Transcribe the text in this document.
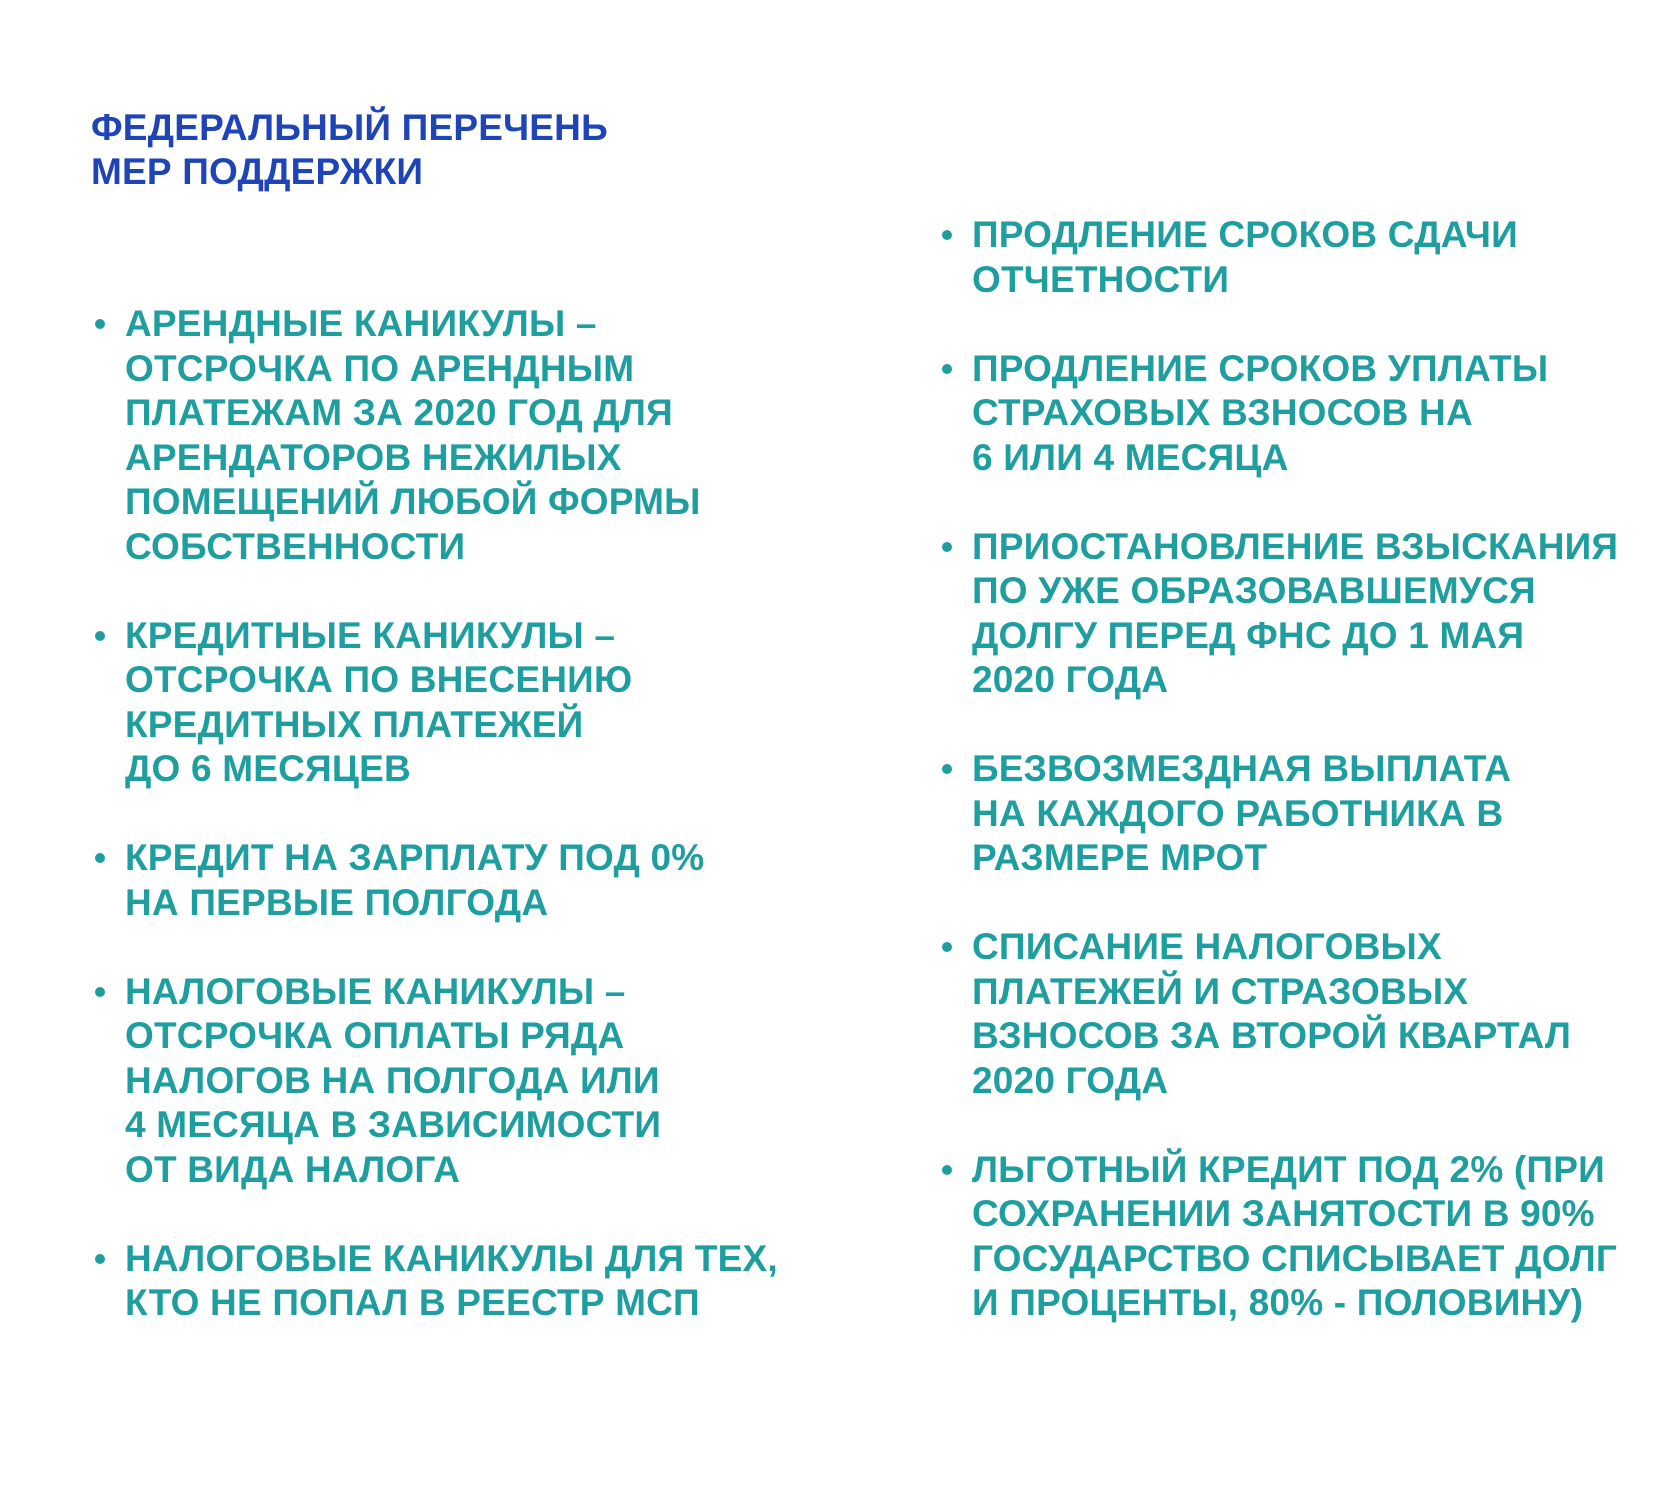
ФЕДЕРАЛЬНЫЙ ПЕРЕЧЕНЬ
МЕР ПОДДЕРЖКИ
АРЕНДНЫЕ КАНИКУЛЫ –
ОТСРОЧКА ПО АРЕНДНЫМ
ПЛАТЕЖАМ ЗА 2020 ГОД ДЛЯ
АРЕНДАТОРОВ НЕЖИЛЫХ
ПОМЕЩЕНИЙ ЛЮБОЙ ФОРМЫ
СОБСТВЕННОСТИ
КРЕДИТНЫЕ КАНИКУЛЫ –
ОТСРОЧКА ПО ВНЕСЕНИЮ
КРЕДИТНЫХ ПЛАТЕЖЕЙ
ДО 6 МЕСЯЦЕВ
КРЕДИТ НА ЗАРПЛАТУ ПОД 0%
НА ПЕРВЫЕ ПОЛГОДА
НАЛОГОВЫЕ КАНИКУЛЫ –
ОТСРОЧКА ОПЛАТЫ РЯДА
НАЛОГОВ НА ПОЛГОДА ИЛИ
4 МЕСЯЦА В ЗАВИСИМОСТИ
ОТ ВИДА НАЛОГА
НАЛОГОВЫЕ КАНИКУЛЫ ДЛЯ ТЕХ,
КТО НЕ ПОПАЛ В РЕЕСТР МСП
ПРОДЛЕНИЕ СРОКОВ СДАЧИ
ОТЧЕТНОСТИ
ПРОДЛЕНИЕ СРОКОВ УПЛАТЫ
СТРАХОВЫХ ВЗНОСОВ НА
6 ИЛИ 4 МЕСЯЦА
ПРИОСТАНОВЛЕНИЕ ВЗЫСКАНИЯ
ПО УЖЕ ОБРАЗОВАВШЕМУСЯ
ДОЛГУ ПЕРЕД ФНС ДО 1 МАЯ
2020 ГОДА
БЕЗВОЗМЕЗДНАЯ ВЫПЛАТА
НА КАЖДОГО РАБОТНИКА В
РАЗМЕРЕ МРОТ
СПИСАНИЕ НАЛОГОВЫХ
ПЛАТЕЖЕЙ И СТРАЗОВЫХ
ВЗНОСОВ ЗА ВТОРОЙ КВАРТАЛ
2020 ГОДА
ЛЬГОТНЫЙ КРЕДИТ ПОД 2% (ПРИ
СОХРАНЕНИИ ЗАНЯТОСТИ В 90%
ГОСУДАРСТВО СПИСЫВАЕТ ДОЛГ
И ПРОЦЕНТЫ, 80% - ПОЛОВИНУ)
